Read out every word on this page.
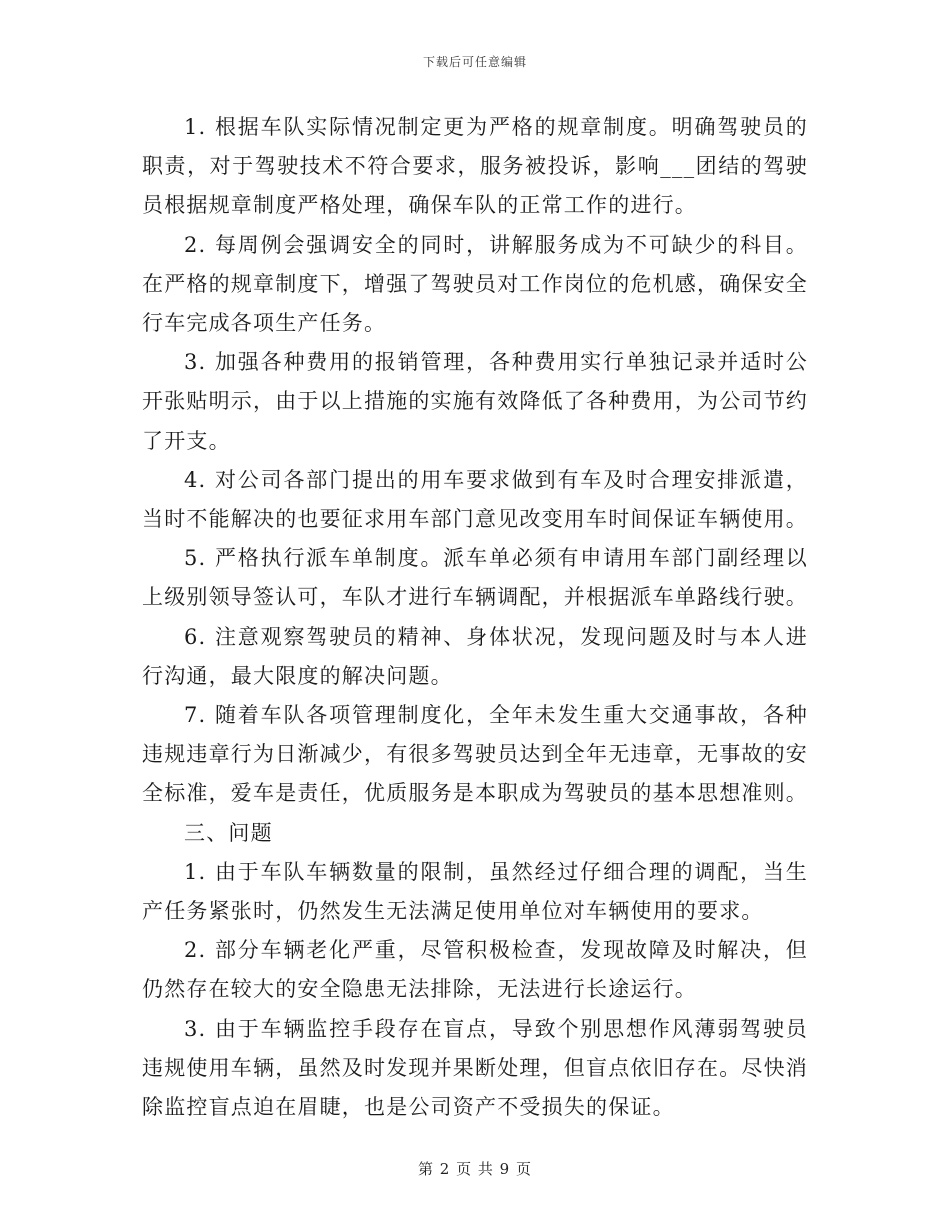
下载后可任意编辑

1. 根据车队实际情况制定更为严格的规章制度。明确驾驶员的职责，对于驾驶技术不符合要求，服务被投诉，影响___团结的驾驶员根据规章制度严格处理，确保车队的正常工作的进行。

2. 每周例会强调安全的同时，讲解服务成为不可缺少的科目。在严格的规章制度下，增强了驾驶员对工作岗位的危机感，确保安全行车完成各项生产任务。

3. 加强各种费用的报销管理，各种费用实行单独记录并适时公开张贴明示，由于以上措施的实施有效降低了各种费用，为公司节约了开支。

4. 对公司各部门提出的用车要求做到有车及时合理安排派遣，当时不能解决的也要征求用车部门意见改变用车时间保证车辆使用。

5. 严格执行派车单制度。派车单必须有申请用车部门副经理以上级别领导签认可，车队才进行车辆调配，并根据派车单路线行驶。

6. 注意观察驾驶员的精神、身体状况，发现问题及时与本人进行沟通，最大限度的解决问题。

7. 随着车队各项管理制度化，全年未发生重大交通事故，各种违规违章行为日渐减少，有很多驾驶员达到全年无违章，无事故的安全标准，爱车是责任，优质服务是本职成为驾驶员的基本思想准则。

三、问题

1. 由于车队车辆数量的限制，虽然经过仔细合理的调配，当生产任务紧张时，仍然发生无法满足使用单位对车辆使用的要求。

2. 部分车辆老化严重，尽管积极检查，发现故障及时解决，但仍然存在较大的安全隐患无法排除，无法进行长途运行。

3. 由于车辆监控手段存在盲点，导致个别思想作风薄弱驾驶员违规使用车辆，虽然及时发现并果断处理，但盲点依旧存在。尽快消除监控盲点迫在眉睫，也是公司资产不受损失的保证。

第 2 页 共 9 页
